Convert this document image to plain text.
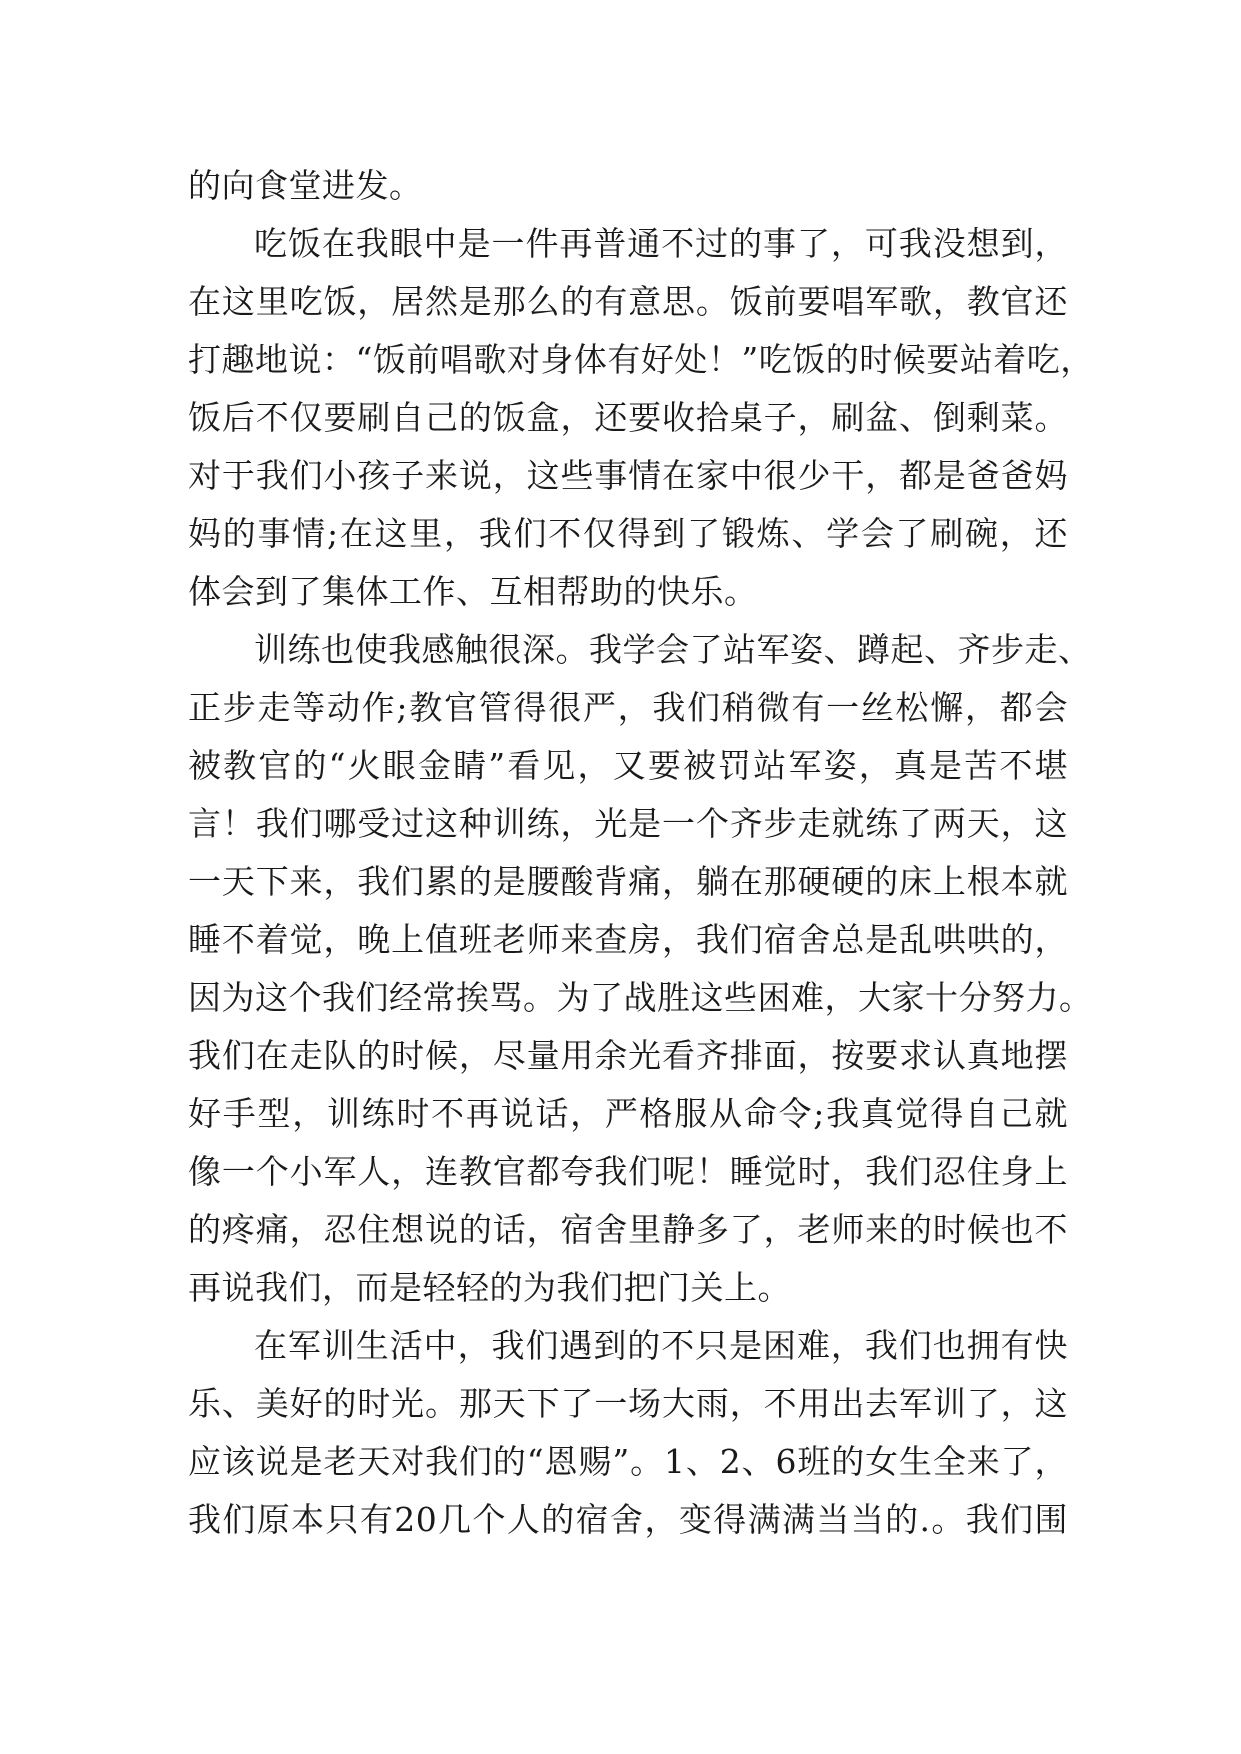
的向食堂进发。
吃饭在我眼中是一件再普通不过的事了，可我没想到，
在这里吃饭，居然是那么的有意思。饭前要唱军歌，教官还
打趣地说：“饭前唱歌对身体有好处！”吃饭的时候要站着吃，
饭后不仅要刷自己的饭盒，还要收拾桌子，刷盆、倒剩菜。
对于我们小孩子来说，这些事情在家中很少干，都是爸爸妈
妈的事情;在这里，我们不仅得到了锻炼、学会了刷碗，还
体会到了集体工作、互相帮助的快乐。
训练也使我感触很深。我学会了站军姿、蹲起、齐步走、
正步走等动作;教官管得很严，我们稍微有一丝松懈，都会
被教官的“火眼金睛”看见，又要被罚站军姿，真是苦不堪
言！我们哪受过这种训练，光是一个齐步走就练了两天，这
一天下来，我们累的是腰酸背痛，躺在那硬硬的床上根本就
睡不着觉，晚上值班老师来查房，我们宿舍总是乱哄哄的，
因为这个我们经常挨骂。为了战胜这些困难，大家十分努力。
我们在走队的时候，尽量用余光看齐排面，按要求认真地摆
好手型，训练时不再说话，严格服从命令;我真觉得自己就
像一个小军人，连教官都夸我们呢！睡觉时，我们忍住身上
的疼痛，忍住想说的话，宿舍里静多了，老师来的时候也不
再说我们，而是轻轻的为我们把门关上。
在军训生活中，我们遇到的不只是困难，我们也拥有快
乐、美好的时光。那天下了一场大雨，不用出去军训了，这
应该说是老天对我们的“恩赐”。1、2、6班的女生全来了，
我们原本只有20几个人的宿舍，变得满满当当的.。我们围
